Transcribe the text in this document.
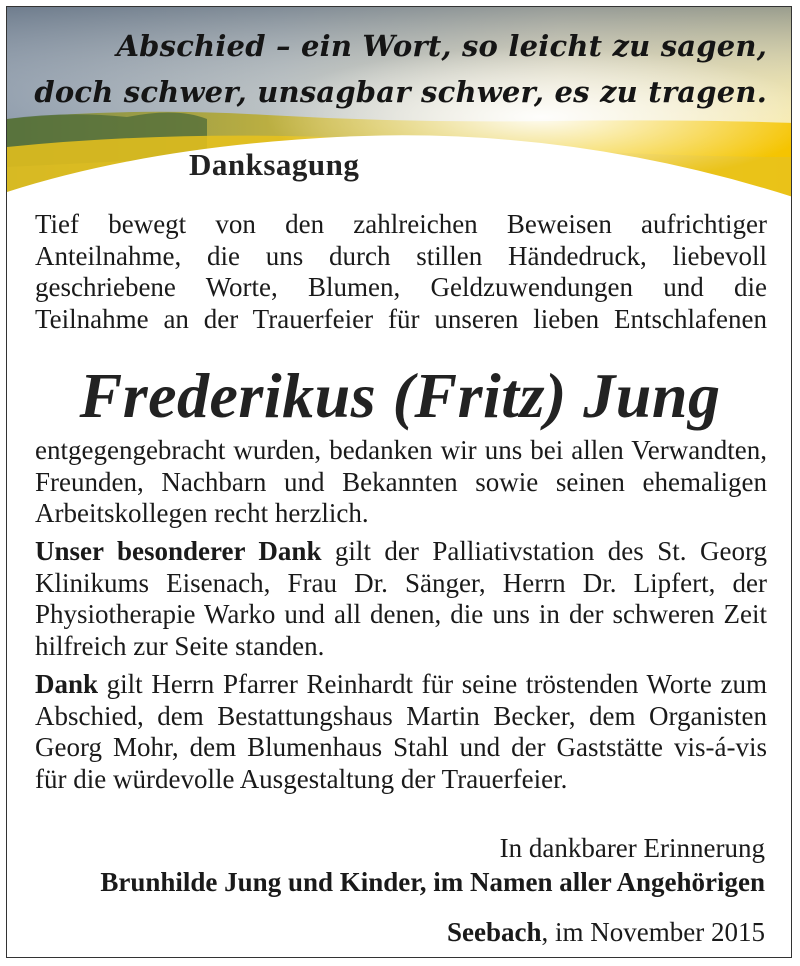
Abschied – ein Wort, so leicht zu sagen,
doch schwer, unsagbar schwer, es zu tragen.
Danksagung
Tief bewegt von den zahlreichen Beweisen aufrichtiger Anteilnahme, die uns durch stillen Händedruck, liebevoll geschriebene Worte, Blumen, Geldzuwendungen und die Teilnahme an der Trauerfeier für unseren lieben Entschlafenen
Frederikus (Fritz) Jung
entgegengebracht wurden, bedanken wir uns bei allen Verwandten, Freunden, Nachbarn und Bekannten sowie seinen ehemaligen Arbeitskollegen recht herzlich.
Unser besonderer Dank gilt der Palliativstation des St. Georg Klinikums Eisenach, Frau Dr. Sänger, Herrn Dr. Lipfert, der Physiotherapie Warko und all denen, die uns in der schweren Zeit hilfreich zur Seite standen.
Dank gilt Herrn Pfarrer Reinhardt für seine tröstenden Worte zum Abschied, dem Bestattungshaus Martin Becker, dem Organisten Georg Mohr, dem Blumenhaus Stahl und der Gaststätte vis-á-vis für die würdevolle Ausgestaltung der Trauerfeier.
In dankbarer Erinnerung
Brunhilde Jung und Kinder, im Namen aller Angehörigen
Seebach, im November 2015
